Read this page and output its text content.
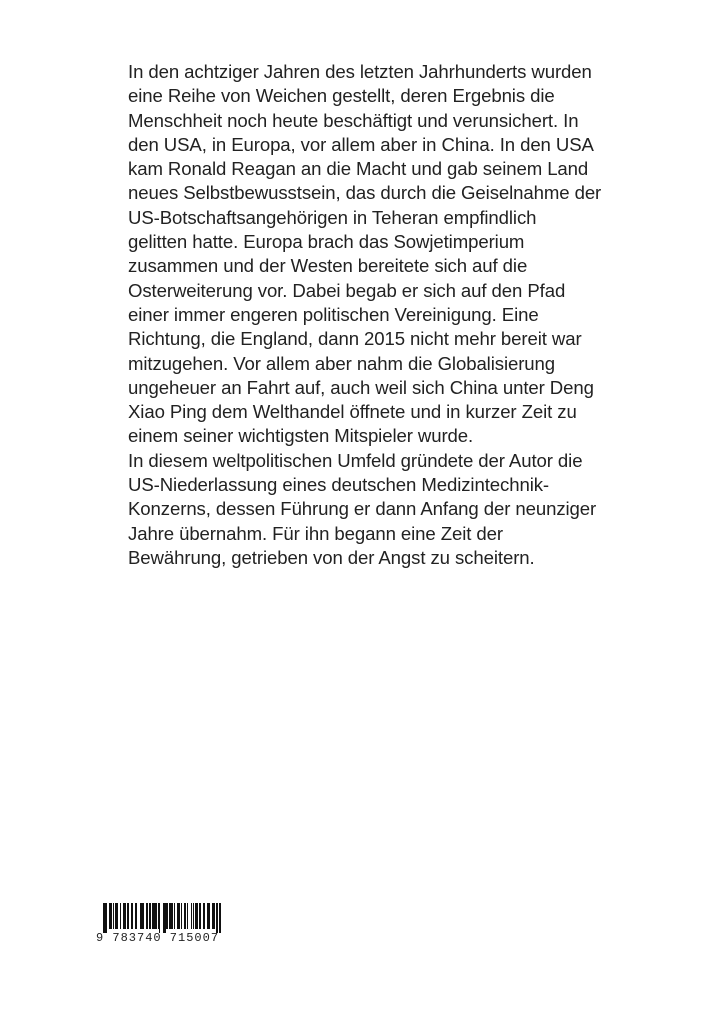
In den achtziger Jahren des letzten Jahrhunderts wurden
eine Reihe von Weichen gestellt, deren Ergebnis die
Menschheit noch heute beschäftigt und verunsichert. In
den USA, in Europa, vor allem aber in China. In den USA
kam Ronald Reagan an die Macht und gab seinem Land
neues Selbstbewusstsein, das durch die Geiselnahme der
US-Botschaftsangehörigen in Teheran empfindlich
gelitten hatte. Europa brach das Sowjetimperium
zusammen und der Westen bereitete sich auf die
Osterweiterung vor. Dabei begab er sich auf den Pfad
einer immer engeren politischen Vereinigung. Eine
Richtung, die England, dann 2015 nicht mehr bereit war
mitzugehen. Vor allem aber nahm die Globalisierung
ungeheuer an Fahrt auf, auch weil sich China unter Deng
Xiao Ping dem Welthandel öffnete und in kurzer Zeit zu
einem seiner wichtigsten Mitspieler wurde.
In diesem weltpolitischen Umfeld gründete der Autor die
US-Niederlassung eines deutschen Medizintechnik-
Konzerns, dessen Führung er dann Anfang der neunziger
Jahre übernahm. Für ihn begann eine Zeit der
Bewährung, getrieben von der Angst zu scheitern.
9 783740 715007
